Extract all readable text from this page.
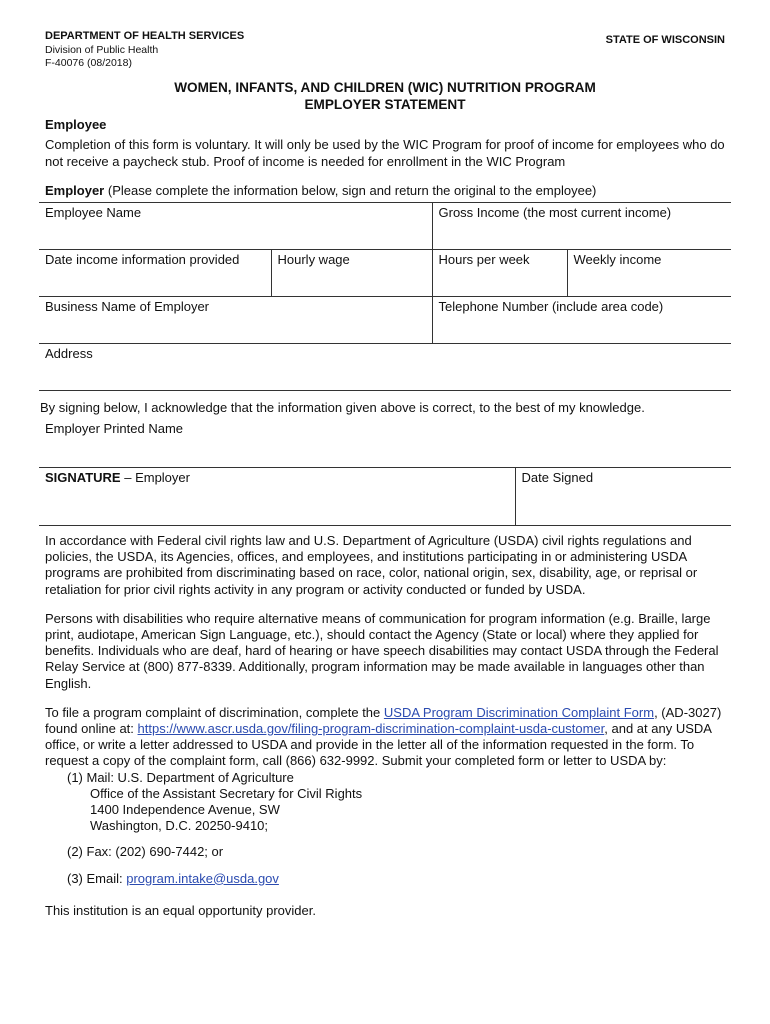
DEPARTMENT OF HEALTH SERVICES
Division of Public Health
F-40076 (08/2018)
STATE OF WISCONSIN
WOMEN, INFANTS, AND CHILDREN (WIC) NUTRITION PROGRAM
EMPLOYER STATEMENT
Employee
Completion of this form is voluntary. It will only be used by the WIC Program for proof of income for employees who do not receive a paycheck stub. Proof of income is needed for enrollment in the WIC Program
Employer (Please complete the information below, sign and return the original to the employee)
Employee Name		Gross Income (the most current income)	
Date income information provided	Hourly wage	Hours per week	Weekly income
Business Name of Employer		Telephone Number (include area code)	
Address			
By signing below, I acknowledge that the information given above is correct, to the best of my knowledge.
Employer Printed Name
SIGNATURE – Employer	Date Signed

In accordance with Federal civil rights law and U.S. Department of Agriculture (USDA) civil rights regulations and policies, the USDA, its Agencies, offices, and employees, and institutions participating in or administering USDA programs are prohibited from discriminating based on race, color, national origin, sex, disability, age, or reprisal or retaliation for prior civil rights activity in any program or activity conducted or funded by USDA.

Persons with disabilities who require alternative means of communication for program information (e.g. Braille, large print, audiotape, American Sign Language, etc.), should contact the Agency (State or local) where they applied for benefits. Individuals who are deaf, hard of hearing or have speech disabilities may contact USDA through the Federal Relay Service at (800) 877-8339. Additionally, program information may be made available in languages other than English.

To file a program complaint of discrimination, complete the USDA Program Discrimination Complaint Form, (AD-3027) found online at: https://www.ascr.usda.gov/filing-program-discrimination-complaint-usda-customer, and at any USDA office, or write a letter addressed to USDA and provide in the letter all of the information requested in the form. To request a copy of the complaint form, call (866) 632-9992. Submit your completed form or letter to USDA by:
(1) Mail: U.S. Department of Agriculture
Office of the Assistant Secretary for Civil Rights
1400 Independence Avenue, SW
Washington, D.C. 20250-9410;
(2) Fax: (202) 690-7442; or
(3) Email: program.intake@usda.gov
This institution is an equal opportunity provider.
